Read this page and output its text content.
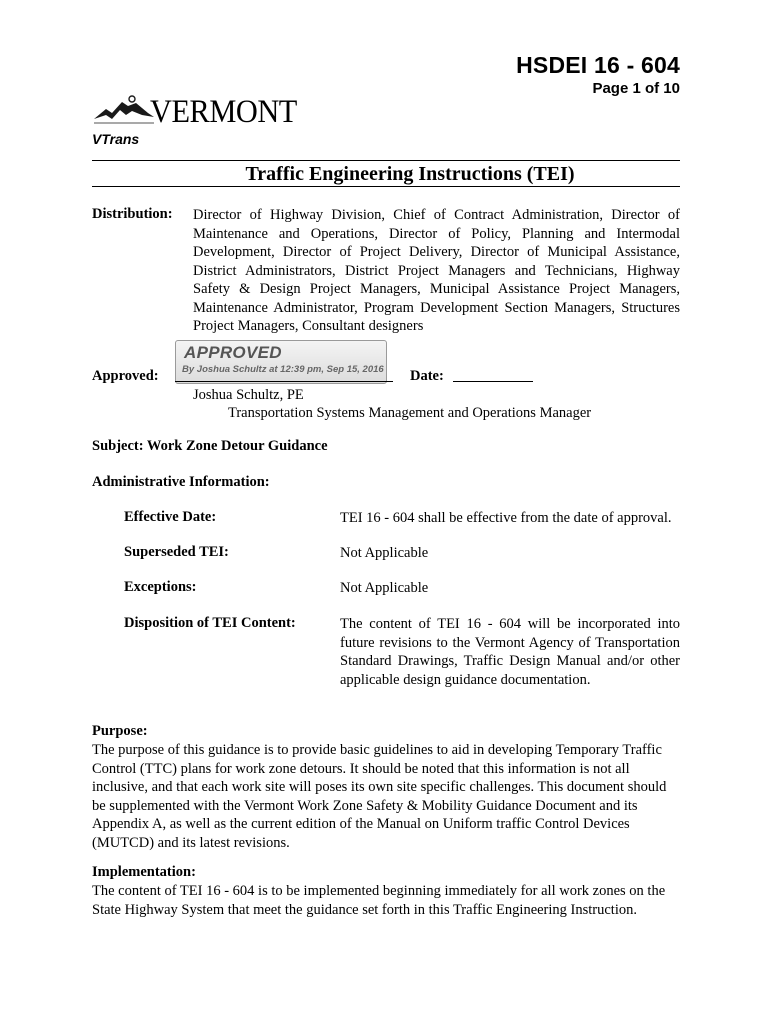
HSDEI 16 - 604
Page 1 of 10
VERMONT
VTrans
Traffic Engineering Instructions (TEI)
Distribution: Director of Highway Division, Chief of Contract Administration, Director of Maintenance and Operations, Director of Policy, Planning and Intermodal Development, Director of Project Delivery, Director of Municipal Assistance, District Administrators, District Project Managers and Technicians, Highway Safety & Design Project Managers, Municipal Assistance Project Managers, Maintenance Administrator, Program Development Section Managers, Structures Project Managers, Consultant designers
Approved:
APPROVED
By Joshua Schultz at 12:39 pm, Sep 15, 2016 Date:
Joshua Schultz, PE
Transportation Systems Management and Operations Manager
Subject: Work Zone Detour Guidance
Administrative Information:
Effective Date:	TEI 16 - 604 shall be effective from the date of approval.
Superseded TEI:	Not Applicable
Exceptions:	Not Applicable
Disposition of TEI Content:	The content of TEI 16 - 604 will be incorporated into future revisions to the Vermont Agency of Transportation Standard Drawings, Traffic Design Manual and/or other applicable design guidance documentation.
Purpose:
The purpose of this guidance is to provide basic guidelines to aid in developing Temporary Traffic Control (TTC) plans for work zone detours. It should be noted that this information is not all inclusive, and that each work site will poses its own site specific challenges. This document should be supplemented with the Vermont Work Zone Safety & Mobility Guidance Document and its Appendix A, as well as the current edition of the Manual on Uniform traffic Control Devices (MUTCD) and its latest revisions.
Implementation:
The content of TEI 16 - 604 is to be implemented beginning immediately for all work zones on the State Highway System that meet the guidance set forth in this Traffic Engineering Instruction.
